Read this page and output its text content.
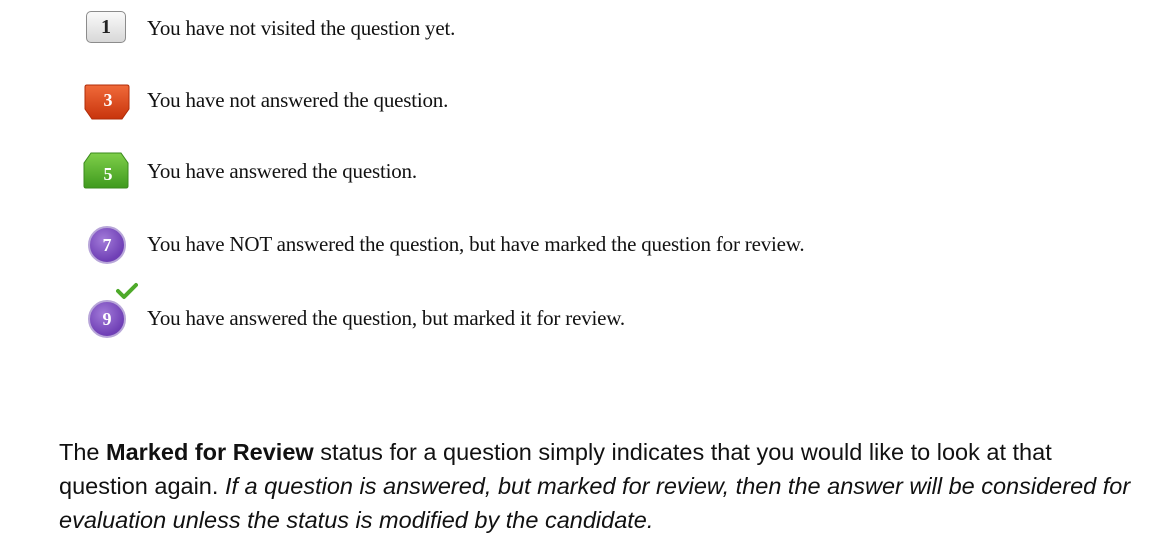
1	You have not visited the question yet.
3	You have not answered the question.
5	You have answered the question.
7	You have NOT answered the question, but have marked the question for review.
9	You have answered the question, but marked it for review.

The Marked for Review status for a question simply indicates that you would like to look at that question again. If a question is answered, but marked for review, then the answer will be considered for evaluation unless the status is modified by the candidate.
